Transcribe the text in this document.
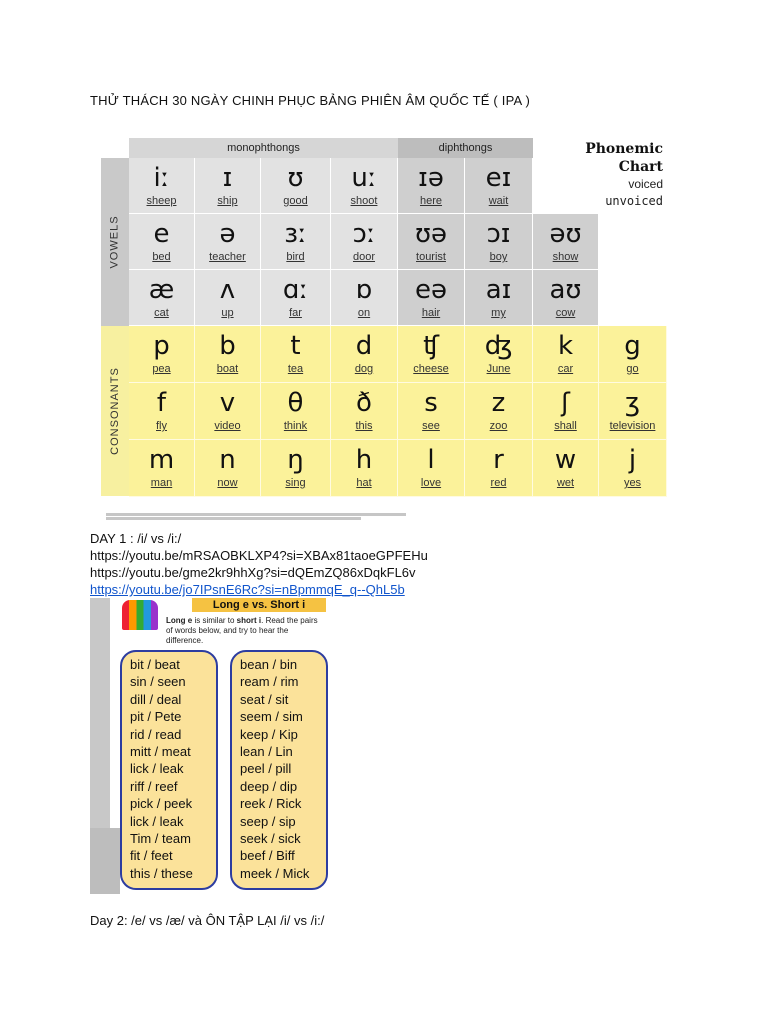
THỬ THÁCH 30 NGÀY CHINH PHỤC BẢNG PHIÊN ÂM QUỐC TẾ ( IPA )
monophthongs	diphthongs
VOWELS
CONSONANTS
Phonemic
Chart
voiced
unvoiced
iː
sheep
ɪ
ship
ʊ
good
uː
shoot
ɪə
here
eɪ
wait
e
bed
ə
teacher
ɜː
bird
ɔː
door
ʊə
tourist
ɔɪ
boy
əʊ
show
æ
cat
ʌ
up
ɑː
far
ɒ
on
eə
hair
aɪ
my
aʊ
cow
p
pea
b
boat
t
tea
d
dog
ʧ
cheese
ʤ
June
k
car
g
go
f
fly
v
video
θ
think
ð
this
s
see
z
zoo
ʃ
shall
ʒ
television
m
man
n
now
ŋ
sing
h
hat
l
love
r
red
w
wet
j
yes
DAY 1 : /i/ vs /i:/
https://youtu.be/mRSAOBKLXP4?si=XBAx81taoeGPFEHu
https://youtu.be/gme2kr9hhXg?si=dQEmZQ86xDqkFL6v
https://youtu.be/jo7IPsnE6Rc?si=nBpmmqE_q--QhL5b
Long e vs. Short i
Long e is similar to short i. Read the pairs of words below, and try to hear the difference.
bit / beat
sin / seen
dill / deal
pit / Pete
rid / read
mitt / meat
lick / leak
riff / reef
pick / peek
lick / leak
Tim / team
fit / feet
this / these
bean / bin
ream / rim
seat / sit
seem / sim
keep / Kip
lean / Lin
peel / pill
deep / dip
reek / Rick
seep / sip
seek / sick
beef / Biff
meek / Mick
Day 2: /e/ vs /æ/ và ÔN TẬP LẠI /i/ vs /i:/
